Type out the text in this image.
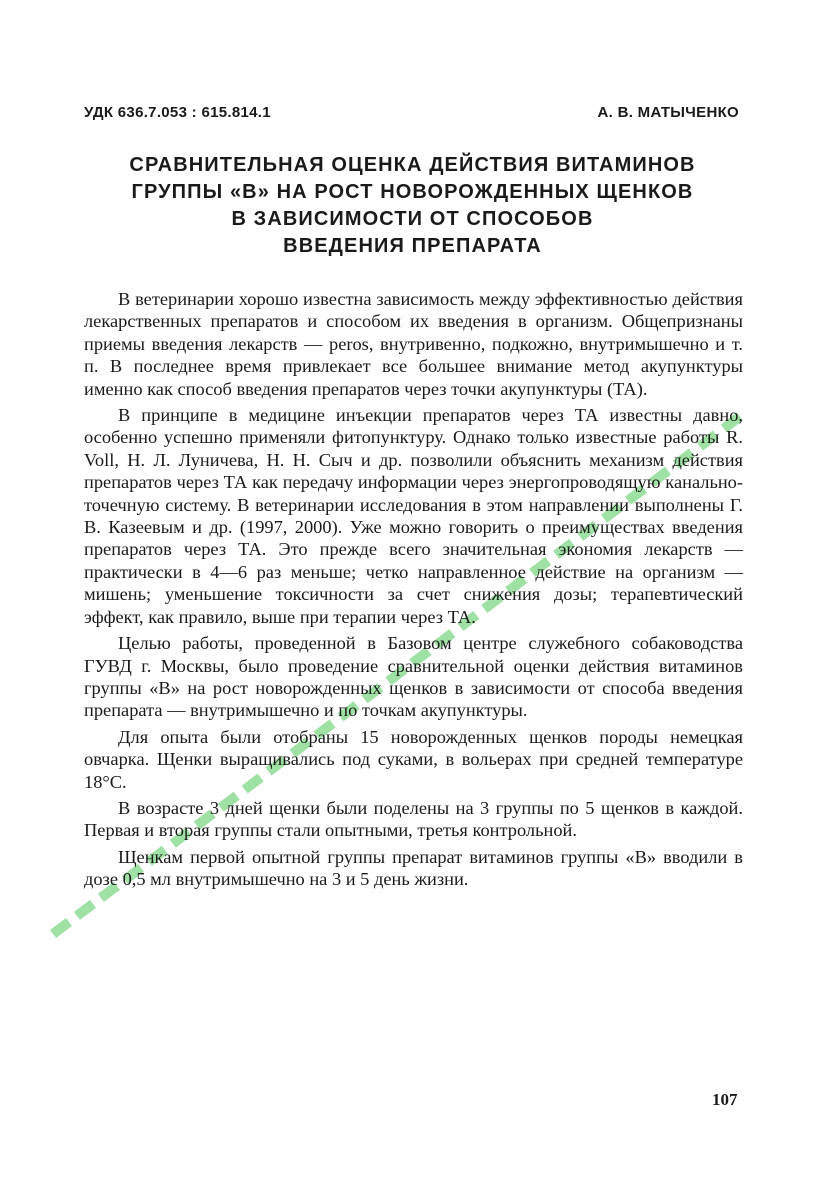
УДК 636.7.053 : 615.814.1	А. В. МАТЫЧЕНКО
СРАВНИТЕЛЬНАЯ ОЦЕНКА ДЕЙСТВИЯ ВИТАМИНОВ
ГРУППЫ «В» НА РОСТ НОВОРОЖДЕННЫХ ЩЕНКОВ
В ЗАВИСИМОСТИ ОТ СПОСОБОВ
ВВЕДЕНИЯ ПРЕПАРАТА

В ветеринарии хорошо известна зависимость между эффективностью действия лекарственных препаратов и способом их введения в организм. Общепризнаны приемы введения лекарств — peros, внутривенно, подкожно, внутримышечно и т. п. В последнее время привлекает все большее внимание метод акупунктуры именно как способ введения препаратов через точки акупунктуры (ТА).

В принципе в медицине инъекции препаратов через ТА известны давно, особенно успешно применяли фитопунктуру. Однако только известные работы R. Voll, Н. Л. Луничева, Н. Н. Сыч и др. позволили объяснить механизм действия препаратов через ТА как передачу информации через энергопроводящую канально-точечную систему. В ветеринарии исследования в этом направлении выполнены Г. В. Казеевым и др. (1997, 2000). Уже можно говорить о преимуществах введения препаратов через ТА. Это прежде всего значительная экономия лекарств — практически в 4—6 раз меньше; четко направленное действие на организм — мишень; уменьшение токсичности за счет снижения дозы; терапевтический эффект, как правило, выше при терапии через ТА.

Целью работы, проведенной в Базовом центре служебного собаководства ГУВД г. Москвы, было проведение сравнительной оценки действия витаминов группы «В» на рост новорожденных щенков в зависимости от способа введения препарата — внутримышечно и по точкам акупунктуры.

Для опыта были отобраны 15 новорожденных щенков породы немецкая овчарка. Щенки выращивались под суками, в вольерах при средней температуре 18°С.

В возрасте 3 дней щенки были поделены на 3 группы по 5 щенков в каждой. Первая и вторая группы стали опытными, третья контрольной.

Щенкам первой опытной группы препарат витаминов группы «В» вводили в дозе 0,5 мл внутримышечно на 3 и 5 день жизни.

107
